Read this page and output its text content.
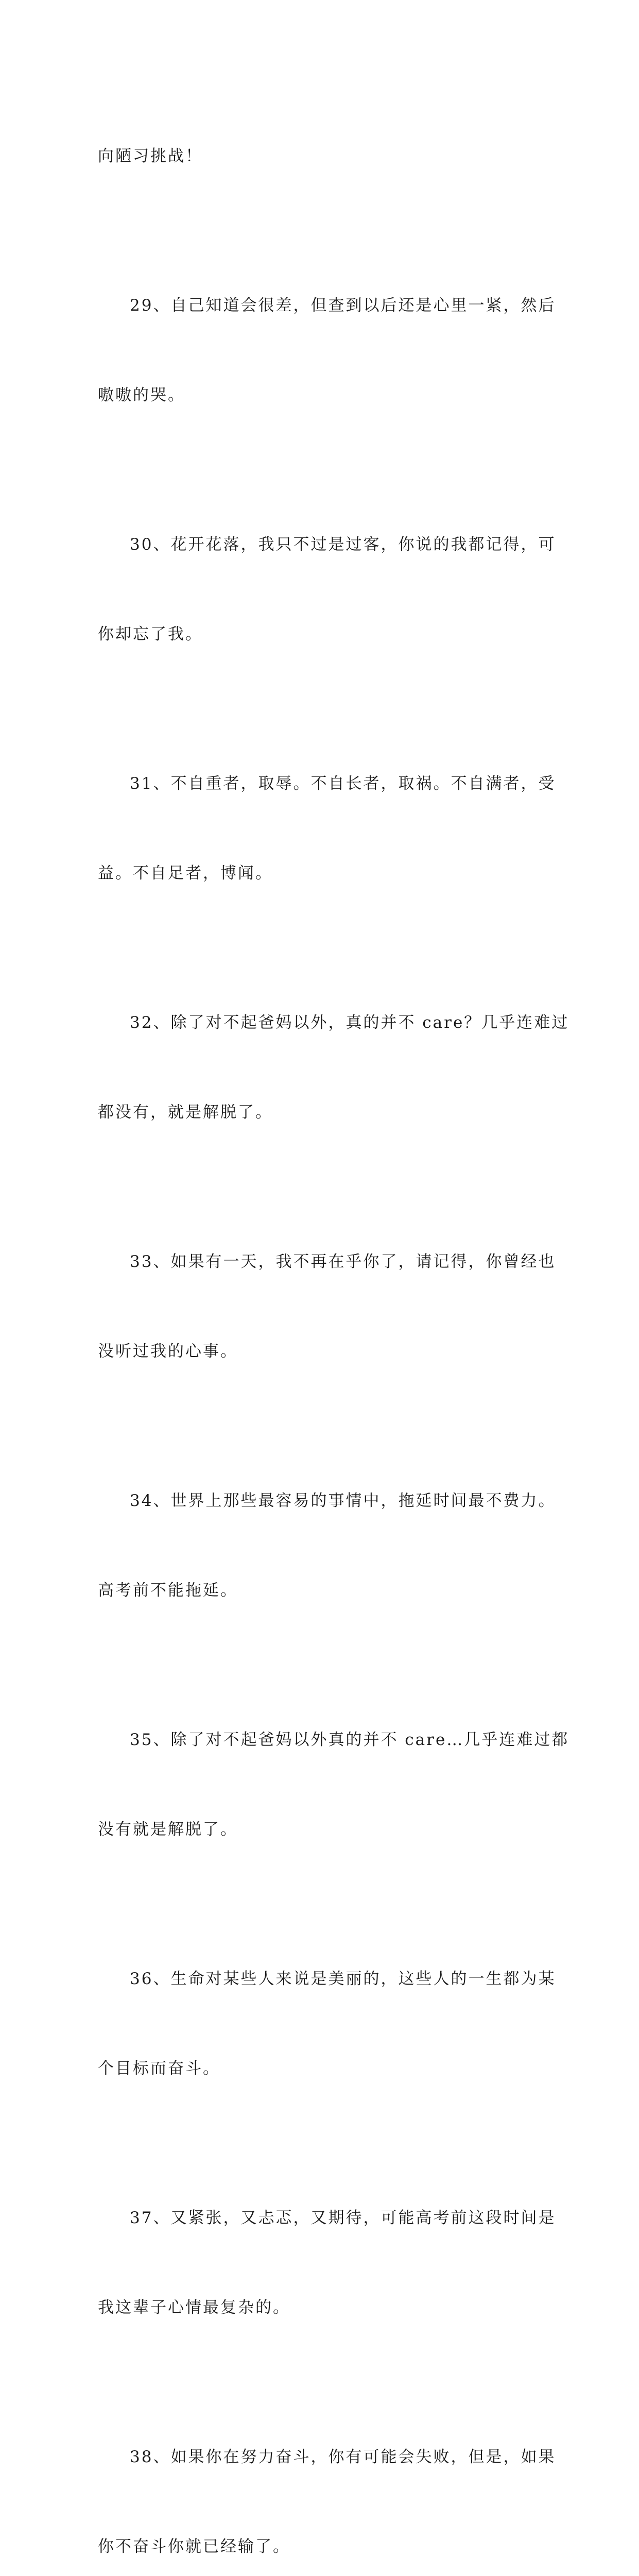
向陋习挑战！

29、自己知道会很差，但查到以后还是心里一紧，然后

嗷嗷的哭。

30、花开花落，我只不过是过客，你说的我都记得，可

你却忘了我。

31、不自重者，取辱。不自长者，取祸。不自满者，受

益。不自足者，博闻。

32、除了对不起爸妈以外，真的并不 care？几乎连难过

都没有，就是解脱了。

33、如果有一天，我不再在乎你了，请记得，你曾经也

没听过我的心事。

34、世界上那些最容易的事情中，拖延时间最不费力。

高考前不能拖延。

35、除了对不起爸妈以外真的并不 care…几乎连难过都

没有就是解脱了。

36、生命对某些人来说是美丽的，这些人的一生都为某

个目标而奋斗。

37、又紧张，又忐忑，又期待，可能高考前这段时间是

我这辈子心情最复杂的。

38、如果你在努力奋斗，你有可能会失败，但是，如果

你不奋斗你就已经输了。
